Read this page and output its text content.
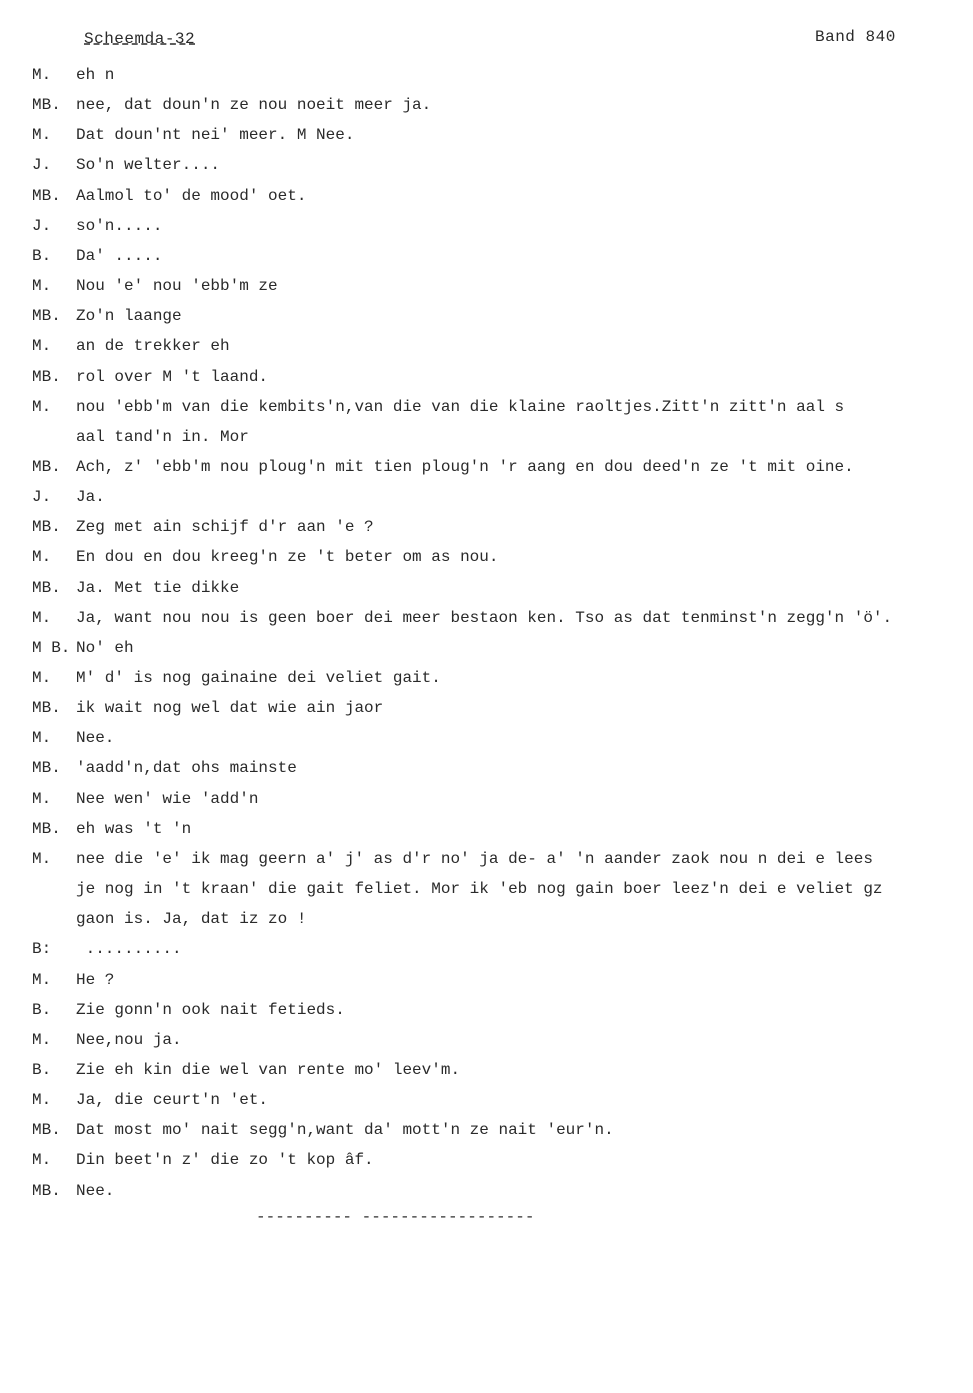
Scheemda-32	Band 840
M. eh n
MB. nee, dat doun'n ze nou noeit meer ja.
M. Dat doun'nt nei' meer. M Nee.
J. So'n welter....
MB. Aalmol to' de mood' oet.
J. so'n.....
B. Da' .....
M. Nou 'e' nou 'ebb'm ze
MB. Zo'n laange
M. an de trekker eh
MB. rol over M 't laand.
M. nou 'ebb'm van die kembits'n,van die van die klaine raoltjes.Zitt'n zitt'n aal s
aal tand'n in. Mor
MB. Ach, z' 'ebb'm nou ploug'n mit tien ploug'n 'r aang en dou deed'n ze 't mit oine.
J. Ja.
MB. Zeg met ain schijf d'r aan 'e ?
M. En dou en dou kreeg'n ze 't beter om as nou.
MB. Ja. Met tie dikke
M. Ja, want nou nou is geen boer dei meer bestaon ken. Tso as dat tenminst'n zegg'n 'ö'.
M B. No' eh
M. M' d' is nog gainaine dei veliet gait.
MB. ik wait nog wel dat wie ain jaor
M. Nee.
MB. 'aadd'n,dat ohs mainste
M. Nee wen' wie 'add'n
MB. eh was 't 'n
M. nee die 'e' ik mag geern a' j' as d'r no' ja de- a' 'n aander zaok nou n dei e lees
je nog in 't kraan' die gait feliet. Mor ik 'eb nog gain boer leez'n dei e veliet gz
gaon is. Ja, dat iz zo !
B: ..........
M. He ?
B. Zie gonn'n ook nait fetieds.
M. Nee,nou ja.
B. Zie eh kin die wel van rente mo' leev'm.
M. Ja, die ceurt'n 'et.
MB. Dat most mo' nait segg'n,want da' mott'n ze nait 'eur'n.
M. Din beet'n z' die zo 't kop âf.
MB. Nee.
---------- ------------------
